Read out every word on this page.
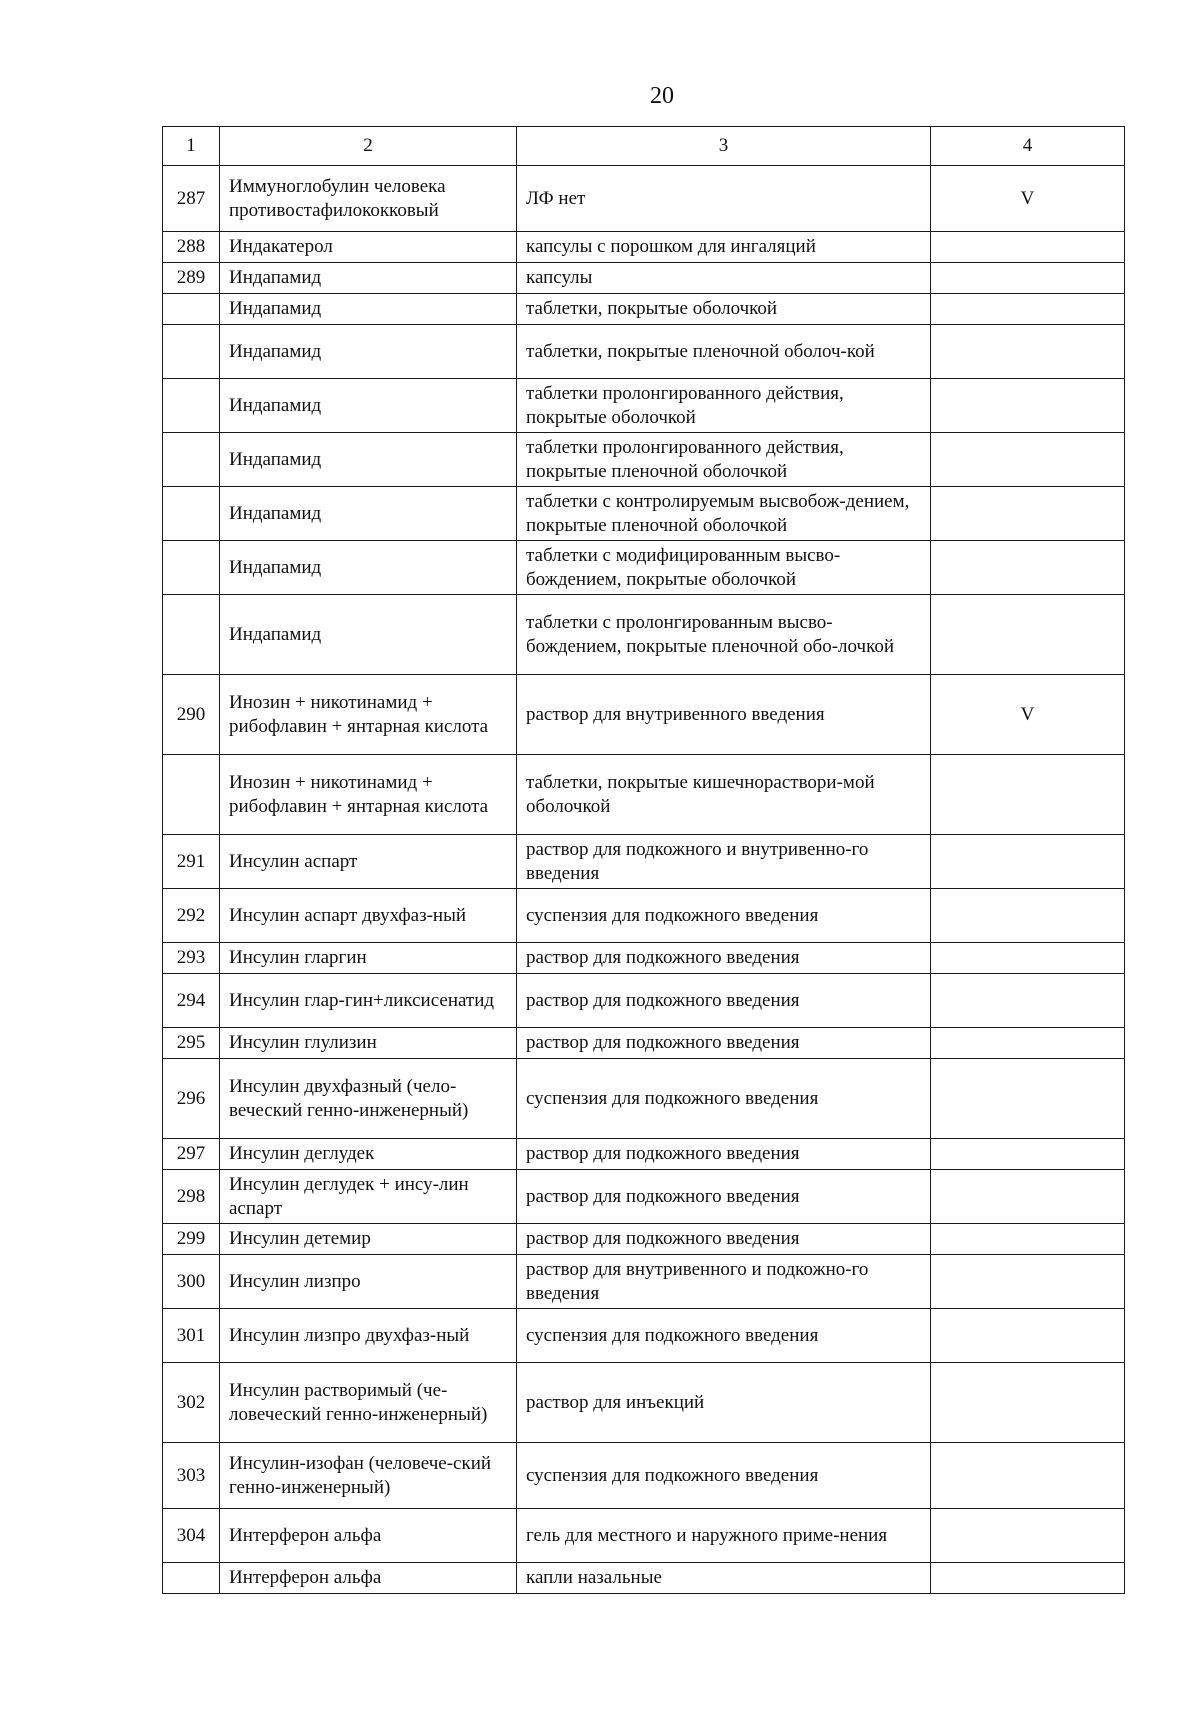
20
1	2	3	4
287	Иммуноглобулин человека противостафилококковый	ЛФ нет	V
288	Индакатерол	капсулы с порошком для ингаляций	
289	Индапамид	капсулы	
	Индапамид	таблетки, покрытые оболочкой	
	Индапамид	таблетки, покрытые пленочной оболоч-кой	
	Индапамид	таблетки пролонгированного действия, покрытые оболочкой	
	Индапамид	таблетки пролонгированного действия, покрытые пленочной оболочкой	
	Индапамид	таблетки с контролируемым высвобож-дением, покрытые пленочной оболочкой	
	Индапамид	таблетки с модифицированным высво-бождением, покрытые оболочкой	
	Индапамид	таблетки с пролонгированным высво-бождением, покрытые пленочной обо-лочкой	
290	Инозин + никотинамид + рибофлавин + янтарная кислота	раствор для внутривенного введения	V
	Инозин + никотинамид + рибофлавин + янтарная кислота	таблетки, покрытые кишечнораствори-мой оболочкой	
291	Инсулин аспарт	раствор для подкожного и внутривенно-го введения	
292	Инсулин аспарт двухфаз-ный	суспензия для подкожного введения	
293	Инсулин гларгин	раствор для подкожного введения	
294	Инсулин глар-гин+ликсисенатид	раствор для подкожного введения	
295	Инсулин глулизин	раствор для подкожного введения	
296	Инсулин двухфазный (чело-веческий генно-инженерный)	суспензия для подкожного введения	
297	Инсулин деглудек	раствор для подкожного введения	
298	Инсулин деглудек + инсу-лин аспарт	раствор для подкожного введения	
299	Инсулин детемир	раствор для подкожного введения	
300	Инсулин лизпро	раствор для внутривенного и подкожно-го введения	
301	Инсулин лизпро двухфаз-ный	суспензия для подкожного введения	
302	Инсулин растворимый (че-ловеческий генно-инженерный)	раствор для инъекций	
303	Инсулин-изофан (человече-ский генно-инженерный)	суспензия для подкожного введения	
304	Интерферон альфа	гель для местного и наружного приме-нения	
	Интерферон альфа	капли назальные	
